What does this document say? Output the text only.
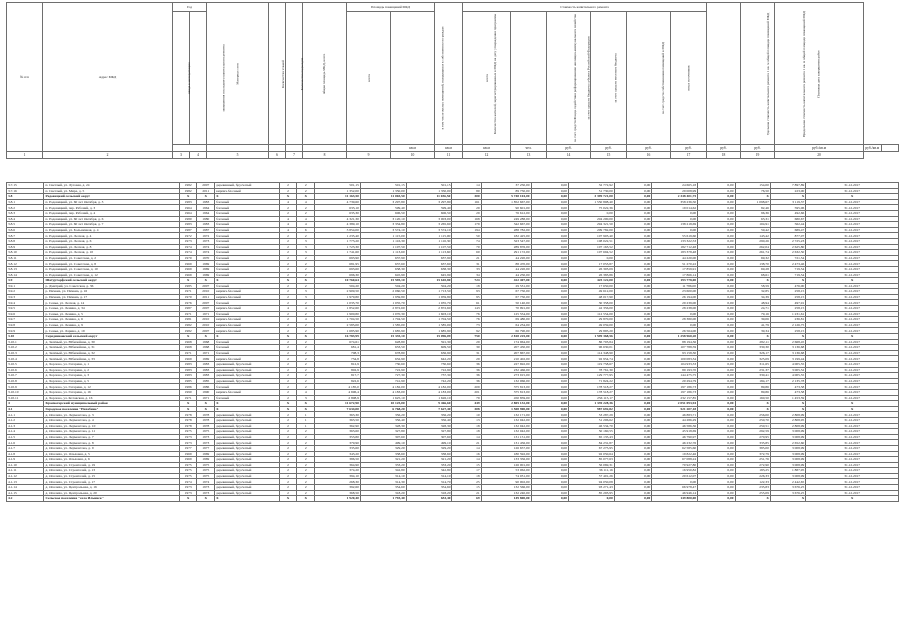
№ п/п	Адрес МКД	Год		Материал стен	Количество этажей	Количество подъездов	общая площадь МКД, всего	Площадь помещений МКД		Количество жителей, зарегистрированных в МКД на дату утверждения программы	Стоимость капитального ремонта						Удельная стоимость капитального ремонта 1 кв. м общей площади помещений МКД	Предельная стоимость капитального ремонта 1 кв. м общей площади помещений МКД	Плановая дата завершения работ		
		ввода в эксплуатацию	завершения последнего капитального ремонта					всего	в том числе жилых помещений, находящихся в собственности граждан		всего	за счет средств Фонда содействия реформированию жилищно-коммунального хозяйства	за счет средств бюджета субъекта Российской Федерации	за счет средств местного бюджета	за счет средств собственников помещений в МКД	иных источников					
									кв.м	кв.м	кв.м	чел.	руб.	руб.	руб.	руб.	руб.	руб.	руб./кв.м	руб./кв.м	
1	2	3	4	5	6	7	8	9	10	11	12	13	14	15	16	17	18	19	20		
3.7.15	п. Светлый, ул. Луговая, д. 24	1982	2007	деревянный, брусчатый	2	2	501,15	501,15	501,15	14	37 250,00	0,00	32 772,92	0,00	24 665,18	0,00	154,00	7 897,89	31.12.2017
3.7.16	п. Светлый, ул. Мира, д. 5	1982	2011	кирпич.блочный	2	2	1 352,00	1 350,00	1 350,00	80	89 750,00	0,00	51 730,00	0,00	29 008,99	0,00	76,50	223,00	31.12.2017
3.8	Радовицкий сельский округ	X	X	X	X	X	11 163,50	11 065,50	11 036,50	300	5 748 104,00	0,00	3 399 721,00	0,00	2 348 401,75	0,00	X	X	X
3.8.1	п. Радовицкий, ул. 60 лет Октября, д. 3	1983	1983	блочный	4	4	4 739,60	3 297,80	3 297,80	161	1 852 667,00	0,00	1 550 808,40	0,00	358 236,50	0,00	1 098,67	3 119,37	31.12.2017
3.8.2	п. Радовицкий, пер. Рабочий, д. 3	1964	1964	блочный	2	2	633,10	599,40	599,40	29	90 601,00	0,00	75 022,36	0,00	19 014,62	0,00	82,46	595,06	31.12.2017
3.8.3	п. Радовицкий, пер. Рабочий, д. 4	1964	1964	блочный	2	2	635,30	606,50	606,50	29	76 612,00	0,00	0,00	0,00	0,00	0,00	96,36	492,66	31.12.2017
3.8.4	п. Радовицкий, ул. 60 лет Октября, д. 6	1980	1980	блочный	4	4	4 321,30	3 120,10	3 003,00	168	249 288,00	0,00	204 200,00	0,00	0,00	0,00	63,31	680,67	31.12.2017
3.8.5	п. Радовицкий, ул. 60 лет Октября, д. 7	1983	1983	блочный	4	4	4 389,10	3 334,80	3 265,60	179	342 667,00	0,00	294 321,50	0,00	138 218,69	0,00	104,91	562,44	31.12.2017
3.8.6	п. Радовицкий, ул. Больничная, д. 4	1987	1987	блочный	4	6	3 854,00	3 574,10	3 574,10	194	288 782,00	0,00	209 782,00	0,00	0,00	0,00	59,42	689,47	31.12.2017
3.8.7	п. Радовицкий, ул. Лесная, д. 4	1972	1972	блочный	2	2	1 235,40	1 115,00	1 115,00	50	182 425,00	0,00	107 903,40	0,00	55 619,60	0,00	143,42	877,07	31.12.2017
3.8.8	п. Радовицкий, ул. Лесная, д. 6	1973	1973	блочный	2	3	1 773,20	1 116,30	1 116,30	74	323 547,00	0,00	108 022,51	0,00	133 322,53	0,00	290,26	2 725,23	31.12.2017
3.8.9	п. Радовицкий, ул. Лесная, д. 8	1974	1974	блочный	2	3	1 723,30	1 107,50	1 107,50	70	289 876,00	0,00	107 163,52	0,00	182 712,48	0,00	262,04	2 625,80	31.12.2017
3.8.10	п. Радовицкий, ул. Лесная, д. 10	1974	1974	блочный	2	3	1 741,60	1 113,60	1 113,60	60	291 172,00	0,00	107 694,52	0,00	183 378,48	0,00	261,74	2 632,50	31.12.2017
3.8.11	п. Радовицкий, ул. Советская, д. 2	1970	1970	блочный	2	2	693,90	637,90	637,90	21	44 220,00	0,00	0,00	0,00	44 220,00	0,00	69,32	721,54	31.12.2017
3.8.12	п. Радовицкий, ул. Советская, д. 8	1969	1969	блочный	2	2	681,95	637,60	637,60	31	88 470,00	0,00	17 053,87	0,00	51 270,22	0,00	138,70	2 473,46	31.12.2017
3.8.13	п. Радовицкий, ул. Советская, д. 10	1969	1969	блочный	2	2	693,60	638,30	638,30	33	44 220,00	0,00	26 303,09	0,00	17 859,91	0,00	69,28	719,54	31.12.2017
3.8.14	п. Радовицкий, ул. Советская, д. 12	1969	1969	блочный	2	2	696,30	645,99	645,99	34	44 250,00	0,00	26 383,86	0,00	17 866,14	0,00	68,61	719,54	31.12.2017
3.9	Шатурторфский сельский округ	X	X	X	X	X	10 760,64	15 595,10	15 610,80	724	422 407,00	0,00	425 122,00	0,00	193 778,00	0,00	X	X	X
3.9.1	р. Дмитрий, ул. Советская, д. 36	1985	2007	блочный	2	2	504,20	504,20	504,20	18	29 531,00	0,00	17 650,00	0,00	11 786,00	0,00	58,59	476,00	31.12.2017
3.9.2	р. Пичкиа, ул. Пичкиа, д. 16	1971	2010	кирпич.блочный	2	3	2 909,50	2 060,50	1 713,50	93	67 750,00	0,00	49 612,00	0,00	23 600,00	0,00	32,85	258,15	31.12.2017
3.9.3	р. Пичкиа, ул. Пичкиа, д. 17	1970	2011	кирпич.блочный	2	3	1 979,80	1 959,80	1 959,80	95	67 750,00	0,00	48 017,90	0,00	26 194,00	0,00	34,39	258,15	31.12.2017
3.9.4	р. Сенья, ул. Лесная, д. 14	1976	2007	блочный	2	2	1 035,70	1 035,70	1 035,70	61	50 140,00	0,00	30 358,00	0,00	29 239,00	0,00	48,94	497,91	31.12.2017
3.9.5	р. Сенья, ул. Ленина, д. 34	1987	2007	кирпич.блочный	4	4	1 852,60	2 872,60	2 872,60	143	70 991,00	0,00	42 356,00	0,00	28 238,00	0,00	24,71	258,15	31.12.2017
3.9.6	р. Сенья, ул. Ленина, д. 5	1971	1971	блочный	2	2	1 900,80	1 070,30	1 603,10	76	125 554,00	0,00	112 554,00	0,00	0,00	0,00	79,16	1 231,61	31.12.2017
3.9.7	р. Сенья, ул. Ленина, д. 6	1981	2010	кирпич.блочный	2	4	1 704,50	1 704,50	1 704,50	76	69 480,00	0,00	29 870,00	0,00	28 380,00	0,00	39,06	236,81	31.12.2017
3.9.8	р. Сенья, ул. Ленина, д. 9	1982	2010	кирпич.блочный	2	2	2 585,00	1 585,00	1 585,00	73	64 234,00	0,00	49 059,00	0,00	0,00	0,00	41,79	2 126,75	31.12.2017
3.9.9	р. Сенья, ул. Ларина, д. 19	1982	2007	кирпич.блочный	2	2	1 685,90	1 685,90	1 685,90	92	66 790,00	0,00	29 895,20	0,00	26 564,00	0,00	39,34	258,15	31.12.2017
3.10	Середниковский сельский округ	X	X	X	X	X	16 783,99	15 335,10	15 096,09	750	2 818 225,00	0,00	1 599 368,56	0,00	1 258 960,20	0,00	X	X	X
3.10.1	д. Зелёный, ул. Юбилейная, д. 30	1968	1968	блочный	2	2	674,61	628,80	591,30	29	174 964,00	0,00	86 703,84	0,00	88 194,36	0,00	282,11	2 668,45	31.12.2017
3.10.2	д. Зелёный, ул. Юбилейная, д. 31	1968	1968	блочный	2	2	681,4	633,50	609,50	30	207 450,00	0,00	96 630,01	0,00	107 788,59	0,00	330,30	3 136,68	31.12.2017
3.10.3	д. Зелёный, ул. Юбилейная, д. 32	1971	1971	блочный	2	2	708,3	678,80	636,90	31	207 867,00	0,00	114 348,90	0,00	93 158,30	0,00	326,17	3 136,68	31.12.2017
3.10.4	д. Зелёный, ул. Юбилейная, д. 33	1969	1969	кирпич.блочный	2	2	734,8	632,90	642,20	29	210 402,00	0,00	92 954,74	0,00	100 083,34	0,00	325,09	3 199,44	31.12.2017
3.10.5	д. Хорлово, ул. Гагарина, д. 1	1983	1983	деревянный, брусчатый	2	2	812,9	730,60	730,60	36	227 692,00	0,00	119 758,67	0,00	104 933,33	0,00	311,65	4 005,55	31.12.2017
3.10.6	д. Хорлово, ул. Гагарина, д. 2	1983	1983	деревянный, брусчатый	2	2	802,9	722,90	722,90	36	232 466,00	0,00	78 761,30	0,00	89 193,70	0,00	231,37	3 005,52	31.12.2017
3.10.7	д. Хорлово, ул. Гагарина, д. 3	1983	1983	деревянный, брусчатый	2	2	817,7	727,30	737,30	36	273 915,00	0,00	129 777,95	0,00	144 475,75	0,00	330,41	4 005,55	31.12.2017
3.10.8	д. Хорлово, ул. Гагарина, д. 5	1985	1985	деревянный, брусчатый	2	2	822,6	741,90	742,20	36	132 066,00	0,00	71 824,22	0,00	20 294,79	0,00	184,17	2 135,78	31.12.2017
3.10.9	д. Хорлово, ул. Гагарина, д. 12	1986	1986	блочный	2	2	4 185,0	4 182,00	4 182,00	209	375 813,00	0,00	178 518,27	0,00	197 186,73	0,00	89,86	473,58	31.12.2017
3.10.10	д. Хорлово, ул. Гагарина, д. 16	1990	1990	кирпич.блочный	2	4	4 696,4	4 183,00	4 183,00	201	375 813,00	0,00	178 518,27	0,00	197 186,73	0,00	89,86	473,58	31.12.2017
3.10.11	д. Хорлово, ул. Котовская, д. 16	1971	1971	блочный	2	3	2 808,9	1 625,10	1 626,10	79	450 859,00	0,00	256 115,17	0,00	232 157,85	0,00	160,50	1 453,59	31.12.2017
4	Красногорский муниципальный район	X	X	X	X	X	11 672,90	10 125,00	9 466,60	449	2 805 132,00	0,00	1 339 228,36	0,00	2 051 093,94	0,00	X	X	X
4.1	Городское поселение "Нахабино"	X	X	X	X	X	7 634,00	6 768,20	7 627,40	308	1 508 900,00	0,00	987 692,82	0,00	521 207,18	0,00	X	X	X
4.1.1	д. Опалиха, ул. Лермонтова, д. 3	1978	1978	деревянный, брусчатый	2	1	363,30	356,20	356,20	10	132 171,00	0,00	53 287,29	0,00	46 883,71	0,00	256,00	2 808,99	31.12.2017
4.1.2	д. Опалиха, ул. Лермонтова, д. 4	1978	1978	деревянный, брусчатый	2	1	363,50	356,40	356,40	13	132 042,00	0,00	51 206,62	0,00	44 286,29	0,00	250,70	2 808,95	31.12.2017
4.1.3	д. Опалиха, ул. Лермонтова, д. 10	1978	1978	деревянный, брусчатый	2	1	362,90	328,30	328,30	18	132 042,00	0,00	46 534,70	0,00	46 586,36	0,00	250,51	2 808,99	31.12.2017
4.1.4	д. Опалиха, ул. Лермонтова, д. 11	1975	1975	деревянный, брусчатый	2	2	363,60	327,80	327,80	18	132 042,00	0,00	50 160,55	0,00	45 918,69	0,00	292,59	3 008,99	31.12.2017
4.1.5	д. Опалиха, ул. Лермонтова, д. 7	1973	1973	деревянный, брусчатый	2	2	353,80	307,60	307,60	14	131 151,00	0,00	65 135,43	0,00	46 790,97	0,00	270,95	3 008,99	31.12.2017
4.1.6	д. Опалиха, ул. Лермонтова, д. 8	1973	1973	деревянный, брусчатый	2	2	379,90	499,10	499,10	21	131 456,00	0,00	84 231,87	0,00	46 232,76	0,00	335,85	2 652,60	31.12.2017
4.1.7	д. Опалиха, ул. Лермонтова, д. 9	1977	1977	деревянный, брусчатый	2	2	335,60	329,20	329,20	14	126 657,00	0,00	67 275,95	0,00	62 585,60	0,00	385,00	3 008,99	31.12.2017
4.1.8	д. Опалиха, ул. Ольховая, д. 5	1969	1969	деревянный, брусчатый	2	2	343,20	338,60	338,60	16	180 592,00	0,00	92 050,64	0,00	19 822,46	0,00	372,79	3 008,99	31.12.2017
4.1.9	д. Опалиха, ул. Ольховая, д. 6	1969	1969	деревянный, брусчатый	2	2	386,50	321,20	321,20	14	133 356,00	0,00	85 077,63	0,00	67 088,24	0,00	251,76	3 008,99	31.12.2017
4.1.10	д. Опалиха, ул. Строителей, д. 19	1975	1975	деревянный, брусчатый	2	2	364,90	333,20	333,20	15	126 001,00	0,00	56 069,31	0,00	70 927,80	0,00	272,90	3 008,99	31.12.2017
4.1.11	д. Опалиха, ул. Строителей, д. 13	1975	1975	деревянный, брусчатый	2	2	374,20	342,80	342,80	17	53 062,00	0,00	36 111,16	0,00	16 950,82	0,00	183,25	1 887,95	31.12.2017
4.1.12	д. Опалиха, ул. Строителей, д. 15	1975	1975	деревянный, брусчатый	2	2	394,10	314,10	314,10	18	74 031,00	0,00	57 401,26	0,00	20 612,07	0,00	226,33	3 008,99	31.12.2017
4.1.13	д. Опалиха, ул. Строителей, д. 17	1974	1974	деревянный, брусчатый	2	2	268,30	314,30	314,70	25	90 002,00	0,00	94 050,08	0,00	0,00	0,00	122,33	2 442,65	31.12.2017
4.1.14	д. Опалиха, ул. Центральная, д. 16	1973	1973	деревянный, брусчатый	2	2	392,60	354,60	354,60	15	132 566,00	0,00	93 271,43	0,00	66 978,47	0,00	235,83	3 676,25	31.12.2017
4.1.15	д. Опалиха, ул. Центральная, д. 20	1973	1973	деревянный, брусчатый	2	2	368,50	318,20	318,20	21	132 240,00	0,00	85 293,95	0,00	46 946,14	0,00	255,09	3 676,25	31.12.2017
4.2	Сельское поселение "села Ильинск"	X	X	X	X	X	1 920,40	1 793,40	653,40	69	149 800,00	0,00	0,00	0,00	149 800,00	0,00	X	X	X
